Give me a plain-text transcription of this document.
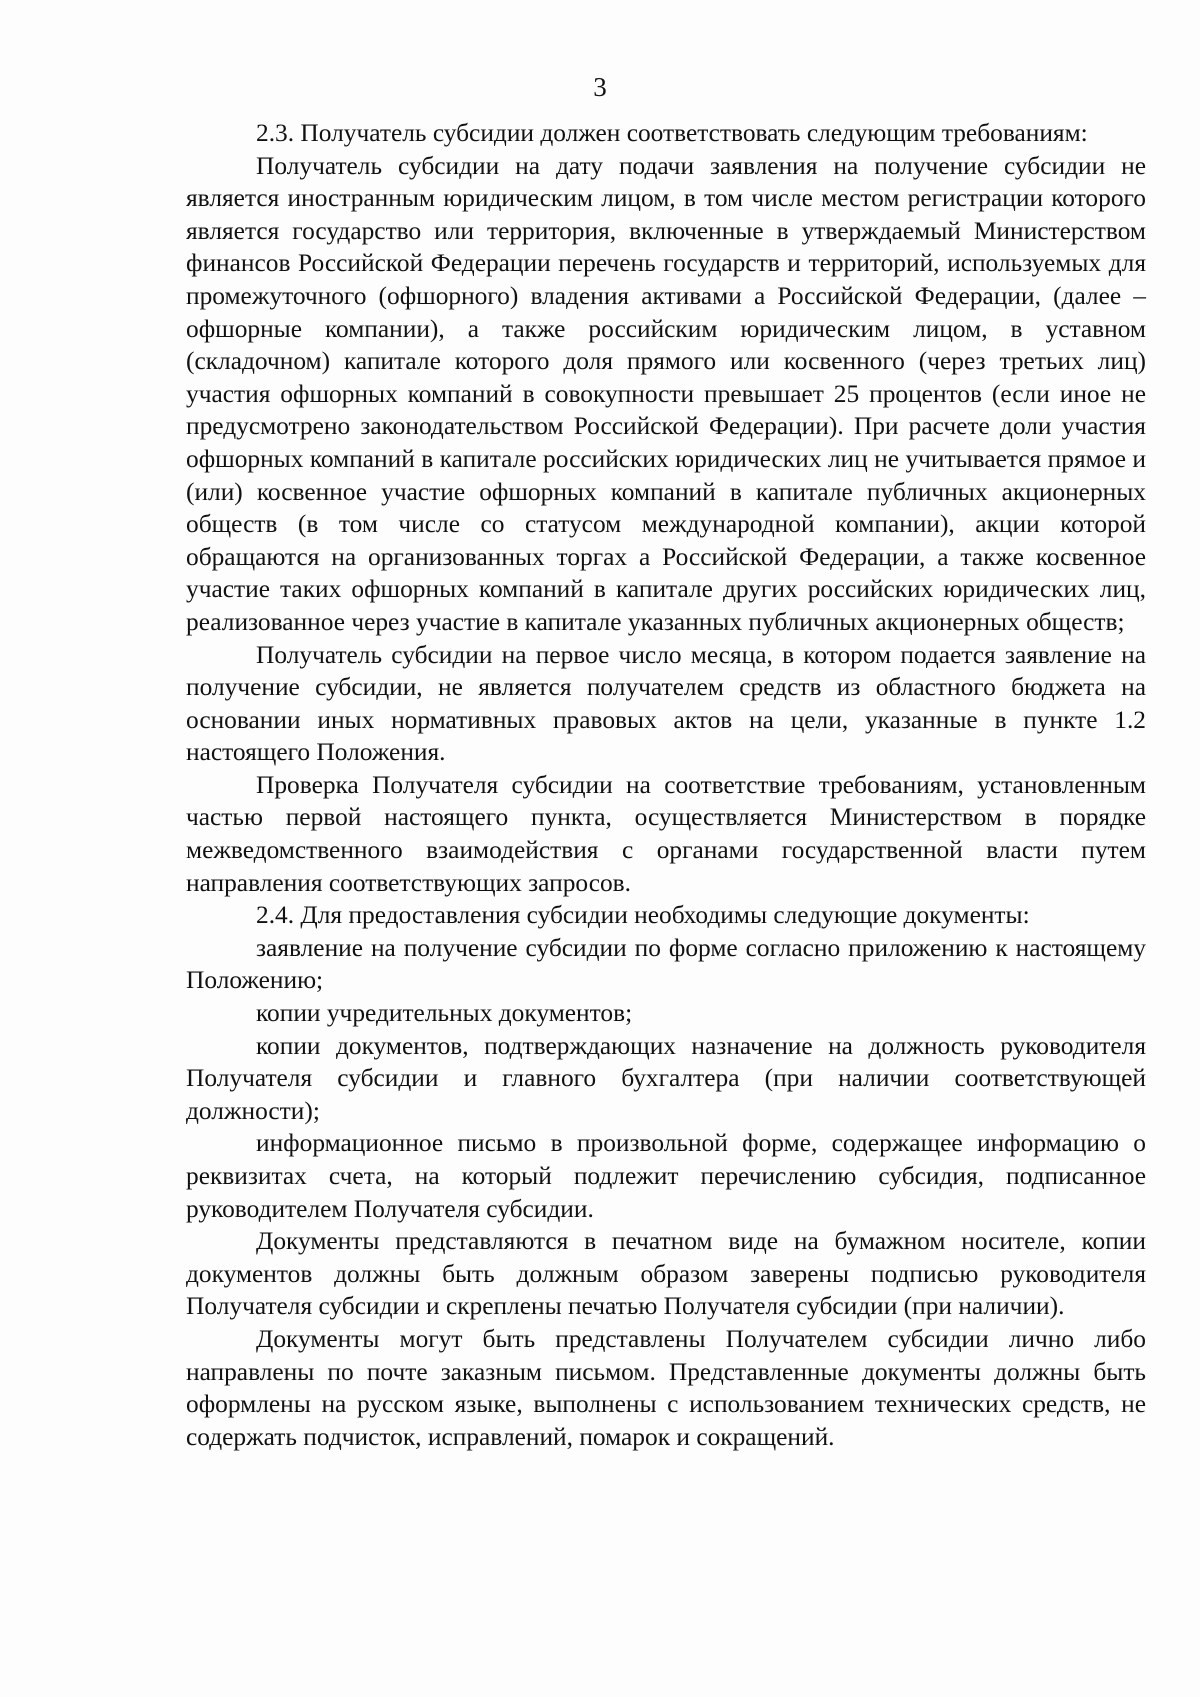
3

2.3. Получатель субсидии должен соответствовать следующим требованиям:

Получатель субсидии на дату подачи заявления на получение субсидии не является иностранным юридическим лицом, в том числе местом регистрации которого является государство или территория, включенные в утверждаемый Министерством финансов Российской Федерации перечень государств и территорий, используемых для промежуточного (офшорного) владения активами а Российской Федерации, (далее – офшорные компании), а также российским юридическим лицом, в уставном (складочном) капитале которого доля прямого или косвенного (через третьих лиц) участия офшорных компаний в совокупности превышает 25 процентов (если иное не предусмотрено законодательством Российской Федерации). При расчете доли участия офшорных компаний в капитале российских юридических лиц не учитывается прямое и (или) косвенное участие офшорных компаний в капитале публичных акционерных обществ (в том числе со статусом международной компании), акции которой обращаются на организованных торгах а Российской Федерации, а также косвенное участие таких офшорных компаний в капитале других российских юридических лиц, реализованное через участие в капитале указанных публичных акционерных обществ;

Получатель субсидии на первое число месяца, в котором подается заявление на получение субсидии, не является получателем средств из областного бюджета на основании иных нормативных правовых актов на цели, указанные в пункте 1.2 настоящего Положения.

Проверка Получателя субсидии на соответствие требованиям, установленным частью первой настоящего пункта, осуществляется Министерством в порядке межведомственного взаимодействия с органами государственной власти путем направления соответствующих запросов.

2.4. Для предоставления субсидии необходимы следующие документы:

заявление на получение субсидии по форме согласно приложению к настоящему Положению;

копии учредительных документов;

копии документов, подтверждающих назначение на должность руководителя Получателя субсидии и главного бухгалтера (при наличии соответствующей должности);

информационное письмо в произвольной форме, содержащее информацию о реквизитах счета, на который подлежит перечислению субсидия, подписанное руководителем Получателя субсидии.

Документы представляются в печатном виде на бумажном носителе, копии документов должны быть должным образом заверены подписью руководителя Получателя субсидии и скреплены печатью Получателя субсидии (при наличии).

Документы могут быть представлены Получателем субсидии лично либо направлены по почте заказным письмом. Представленные документы должны быть оформлены на русском языке, выполнены с использованием технических средств, не содержать подчисток, исправлений, помарок и сокращений.
